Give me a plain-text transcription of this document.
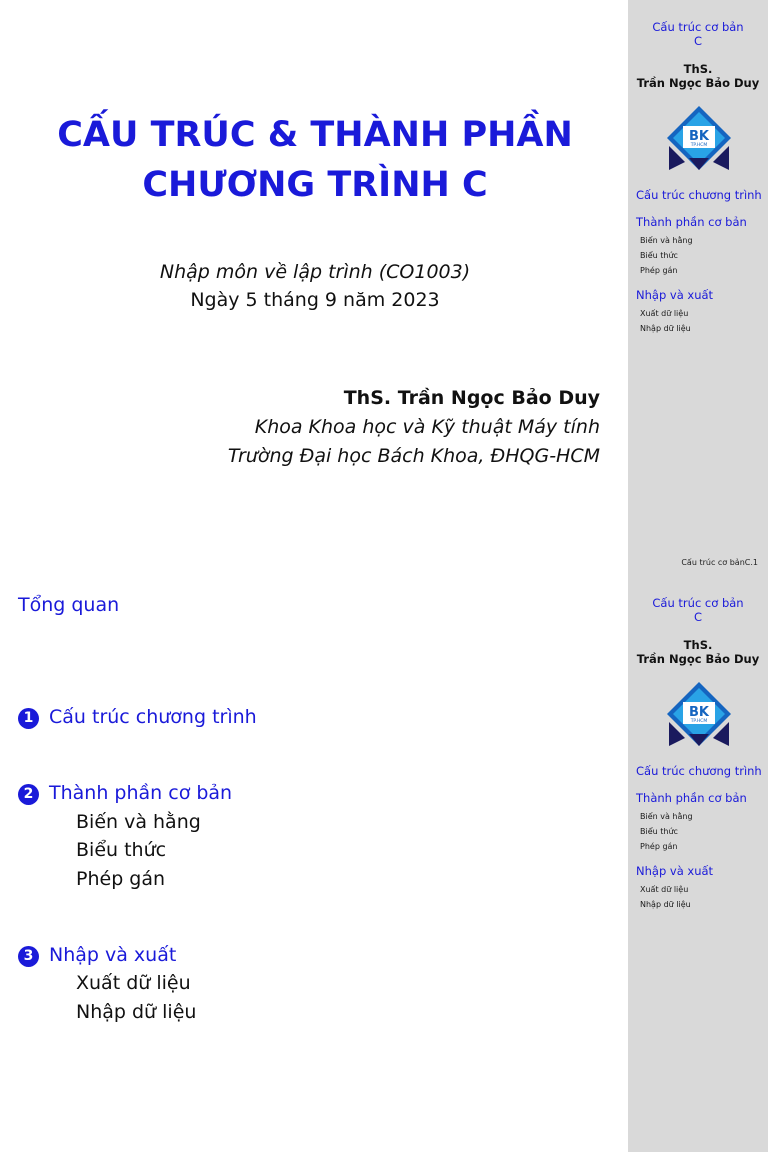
CẤU TRÚC & THÀNH PHẦN
CHƯƠNG TRÌNH C
Nhập môn về lập trình (CO1003)
Ngày 5 tháng 9 năm 2023
ThS. Trần Ngọc Bảo Duy
Khoa Khoa học và Kỹ thuật Máy tính
Trường Đại học Bách Khoa, ĐHQG-HCM
Cấu trúc cơ bản
C
ThS.
Trần Ngọc Bảo Duy
BK
TP.HCM
Cấu trúc chương trình
Thành phần cơ bản
Biến và hằng
Biểu thức
Phép gán
Nhập và xuất
Xuất dữ liệu
Nhập dữ liệu
Cấu trúc cơ bảnC.1
Tổng quan
1 Cấu trúc chương trình
2 Thành phần cơ bản
Biến và hằng
Biểu thức
Phép gán
3 Nhập và xuất
Xuất dữ liệu
Nhập dữ liệu
Cấu trúc cơ bản
C
ThS.
Trần Ngọc Bảo Duy
BK
TP.HCM
Cấu trúc chương trình
Thành phần cơ bản
Biến và hằng
Biểu thức
Phép gán
Nhập và xuất
Xuất dữ liệu
Nhập dữ liệu
